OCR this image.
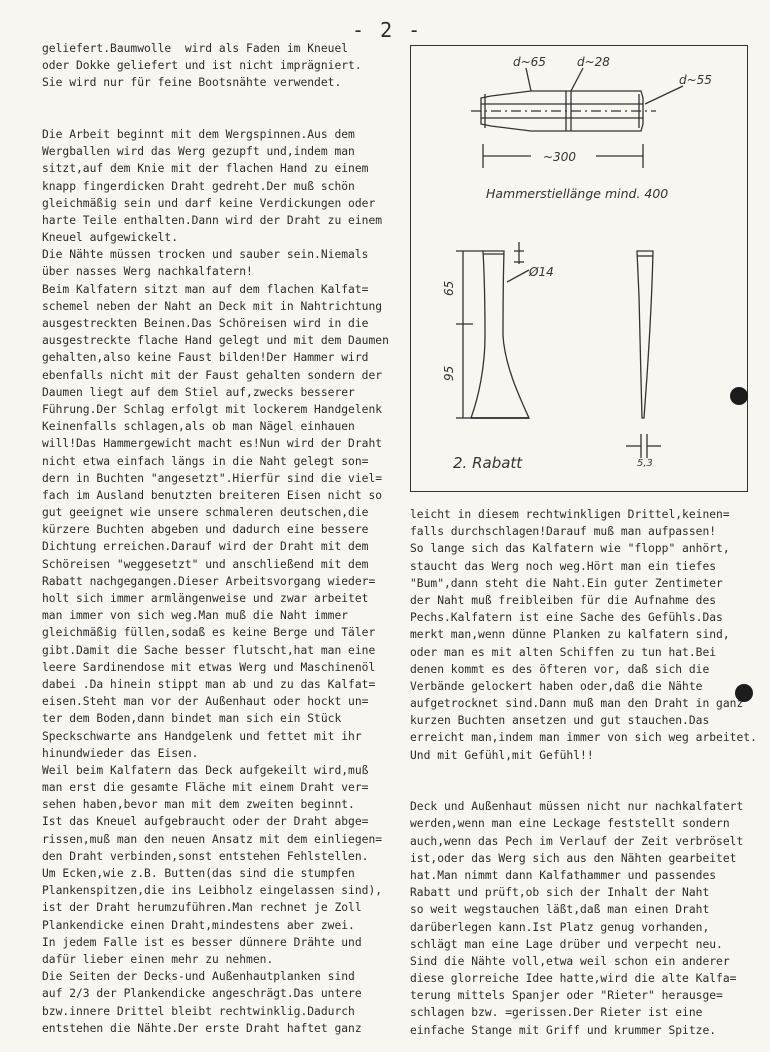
- 2 -
geliefert.Baumwolle  wird als Faden im Kneuel
oder Dokke geliefert und ist nicht imprägniert.
Sie wird nur für feine Bootsnähte verwendet.
Die Arbeit beginnt mit dem Wergspinnen.Aus dem
Wergballen wird das Werg gezupft und,indem man
sitzt,auf dem Knie mit der flachen Hand zu einem
knapp fingerdicken Draht gedreht.Der muß schön
gleichmäßig sein und darf keine Verdickungen oder
harte Teile enthalten.Dann wird der Draht zu einem
Kneuel aufgewickelt.
Die Nähte müssen trocken und sauber sein.Niemals
über nasses Werg nachkalfatern!
Beim Kalfatern sitzt man auf dem flachen Kalfat=
schemel neben der Naht an Deck mit in Nahtrichtung
ausgestreckten Beinen.Das Schöreisen wird in die
ausgestreckte flache Hand gelegt und mit dem Daumen
gehalten,also keine Faust bilden!Der Hammer wird
ebenfalls nicht mit der Faust gehalten sondern der
Daumen liegt auf dem Stiel auf,zwecks besserer
Führung.Der Schlag erfolgt mit lockerem Handgelenk
Keinenfalls schlagen,als ob man Nägel einhauen
will!Das Hammergewicht macht es!Nun wird der Draht
nicht etwa einfach längs in die Naht gelegt son=
dern in Buchten "angesetzt".Hierfür sind die viel=
fach im Ausland benutzten breiteren Eisen nicht so
gut geeignet wie unsere schmaleren deutschen,die
kürzere Buchten abgeben und dadurch eine bessere
Dichtung erreichen.Darauf wird der Draht mit dem
Schöreisen "weggesetzt" und anschließend mit dem
Rabatt nachgegangen.Dieser Arbeitsvorgang wieder=
holt sich immer armlängenweise und zwar arbeitet
man immer von sich weg.Man muß die Naht immer
gleichmäßig füllen,sodaß es keine Berge und Täler
gibt.Damit die Sache besser flutscht,hat man eine
leere Sardinendose mit etwas Werg und Maschinenöl
dabei .Da hinein stippt man ab und zu das Kalfat=
eisen.Steht man vor der Außenhaut oder hockt un=
ter dem Boden,dann bindet man sich ein Stück
Speckschwarte ans Handgelenk und fettet mit ihr
hinundwieder das Eisen.
Weil beim Kalfatern das Deck aufgekeilt wird,muß
man erst die gesamte Fläche mit einem Draht ver=
sehen haben,bevor man mit dem zweiten beginnt.
Ist das Kneuel aufgebraucht oder der Draht abge=
rissen,muß man den neuen Ansatz mit dem einliegen=
den Draht verbinden,sonst entstehen Fehlstellen.
Um Ecken,wie z.B. Butten(das sind die stumpfen
Plankenspitzen,die ins Leibholz eingelassen sind),
ist der Draht herumzuführen.Man rechnet je Zoll
Plankendicke einen Draht,mindestens aber zwei.
In jedem Falle ist es besser dünnere Drähte und
dafür lieber einen mehr zu nehmen.
Die Seiten der Decks-und Außenhautplanken sind
auf 2/3 der Plankendicke angeschrägt.Das untere
bzw.innere Drittel bleibt rechtwinklig.Dadurch
entstehen die Nähte.Der erste Draht haftet ganz
d~65	d~28
d~55
~300
Hammerstiellänge mind. 400
65
95
Ø14
5,3
2. Rabatt
leicht in diesem rechtwinkligen Drittel,keinen=
falls durchschlagen!Darauf muß man aufpassen!
So lange sich das Kalfatern wie "flopp" anhört,
staucht das Werg noch weg.Hört man ein tiefes
"Bum",dann steht die Naht.Ein guter Zentimeter
der Naht muß freibleiben für die Aufnahme des
Pechs.Kalfatern ist eine Sache des Gefühls.Das
merkt man,wenn dünne Planken zu kalfatern sind,
oder man es mit alten Schiffen zu tun hat.Bei
denen kommt es des öfteren vor, daß sich die
Verbände gelockert haben oder,daß die Nähte
aufgetrocknet sind.Dann muß man den Draht in ganz
kurzen Buchten ansetzen und gut stauchen.Das
erreicht man,indem man immer von sich weg arbeitet.
Und mit Gefühl,mit Gefühl!!
Deck und Außenhaut müssen nicht nur nachkalfatert
werden,wenn man eine Leckage feststellt sondern
auch,wenn das Pech im Verlauf der Zeit verbröselt
ist,oder das Werg sich aus den Nähten gearbeitet
hat.Man nimmt dann Kalfathammer und passendes
Rabatt und prüft,ob sich der Inhalt der Naht
so weit wegstauchen läßt,daß man einen Draht
darüberlegen kann.Ist Platz genug vorhanden,
schlägt man eine Lage drüber und verpecht neu.
Sind die Nähte voll,etwa weil schon ein anderer
diese glorreiche Idee hatte,wird die alte Kalfa=
terung mittels Spanjer oder "Rieter" herausge=
schlagen bzw. =gerissen.Der Rieter ist eine
einfache Stange mit Griff und krummer Spitze.
